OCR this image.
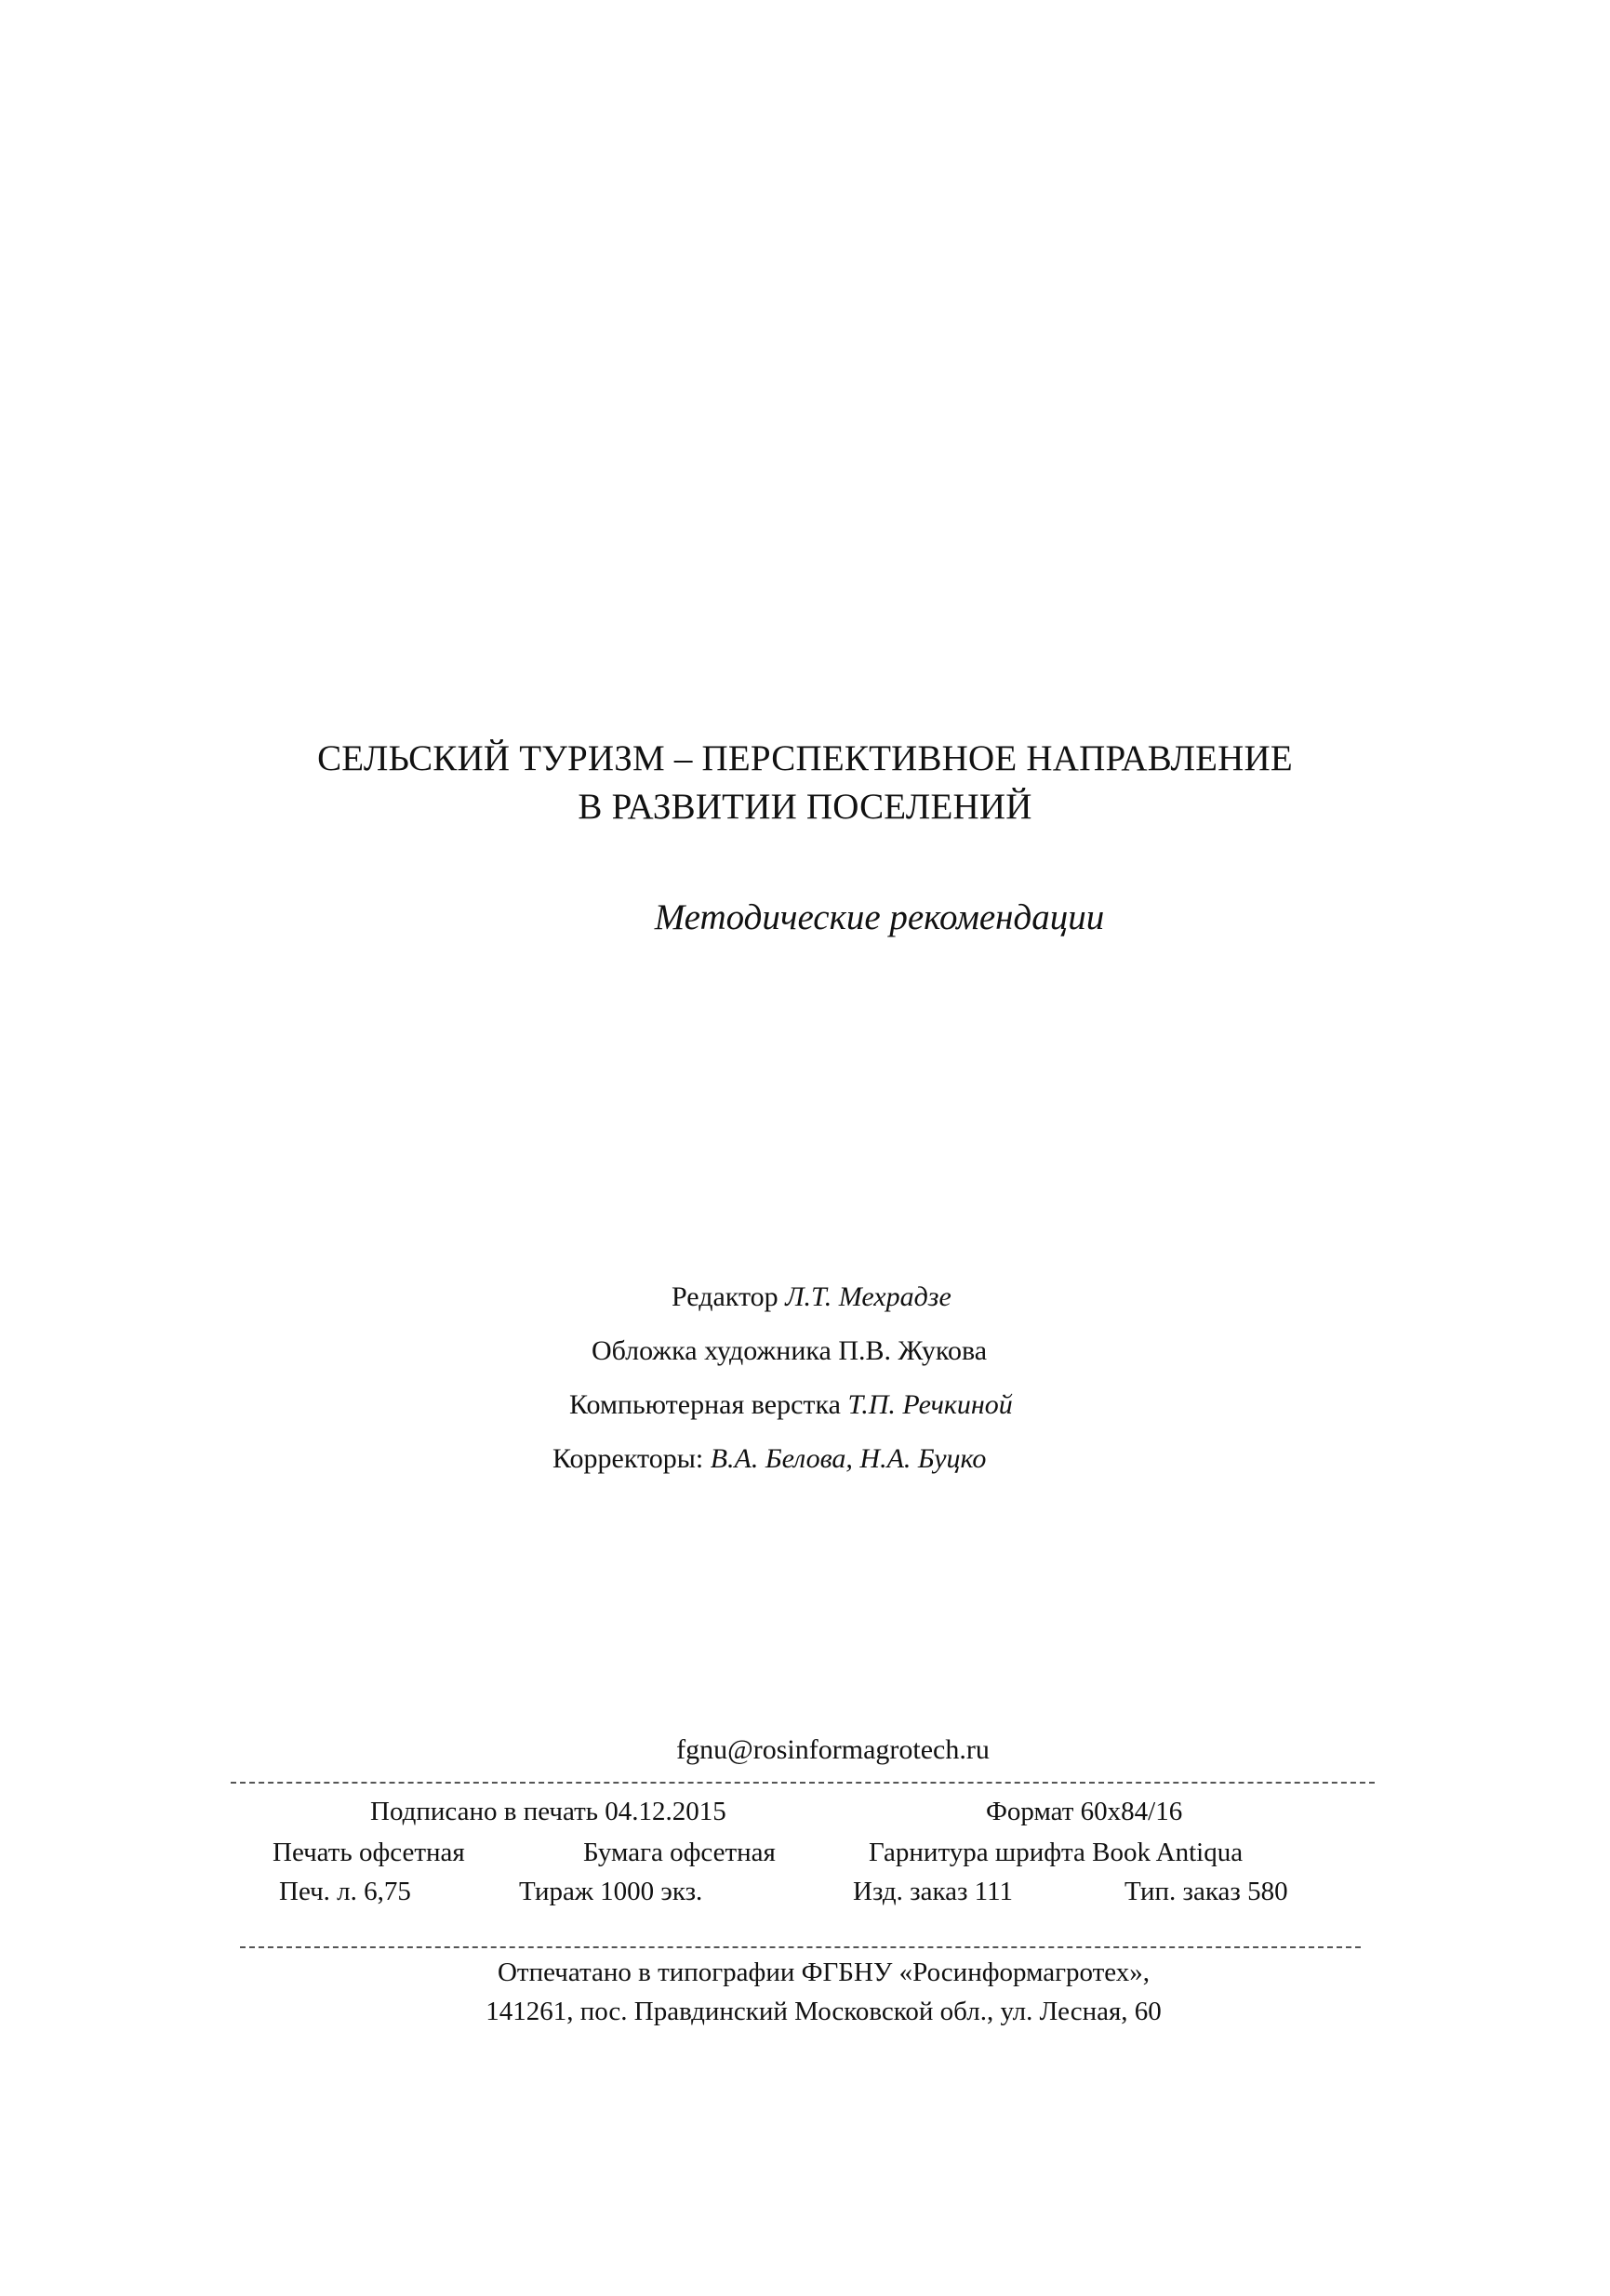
СЕЛЬСКИЙ ТУРИЗМ – ПЕРСПЕКТИВНОЕ НАПРАВЛЕНИЕ
В РАЗВИТИИ ПОСЕЛЕНИЙ
Методические рекомендации
Редактор Л.Т. Мехрадзе
Обложка художника П.В. Жукова
Компьютерная верстка Т.П. Речкиной
Корректоры: В.А. Белова, Н.А. Буцко
fgnu@rosinformagrotech.ru
Подписано в печать 04.12.2015	Формат 60х84/16
Печать офсетная	Бумага офсетная	Гарнитура шрифта Book Antiqua
Печ. л. 6,75	Тираж 1000 экз.	Изд. заказ 111	Тип. заказ 580
Отпечатано в типографии ФГБНУ «Росинформагротех»,
141261, пос. Правдинский Московской обл., ул. Лесная, 60
